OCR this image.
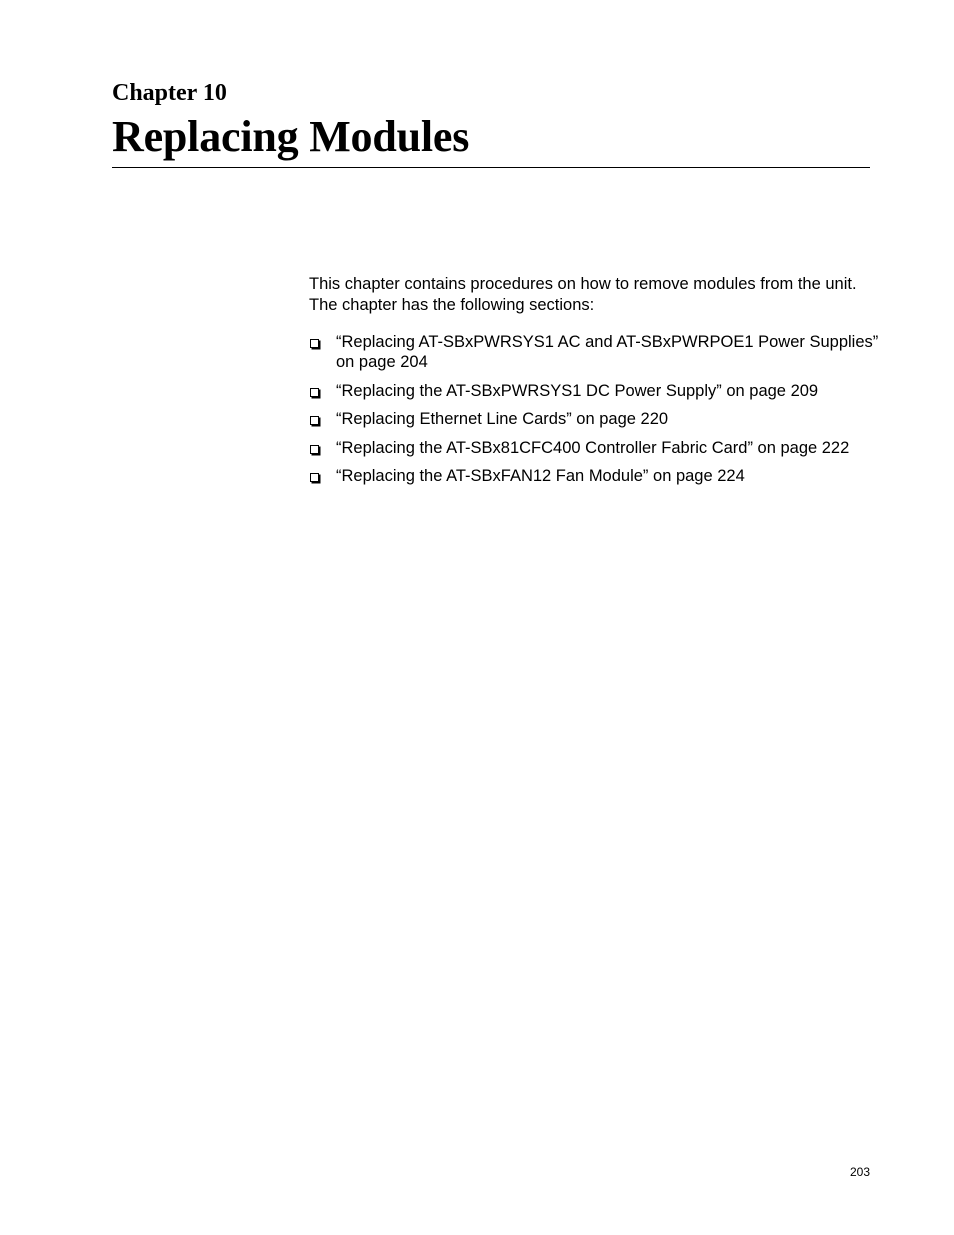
Chapter 10
Replacing Modules

This chapter contains procedures on how to remove modules from the unit. The chapter has the following sections:

“Replacing AT-SBxPWRSYS1 AC and AT-SBxPWRPOE1 Power Supplies” on page 204
“Replacing the AT-SBxPWRSYS1 DC Power Supply” on page 209
“Replacing Ethernet Line Cards” on page 220
“Replacing the AT-SBx81CFC400 Controller Fabric Card” on page 222
“Replacing the AT-SBxFAN12 Fan Module” on page 224

203
